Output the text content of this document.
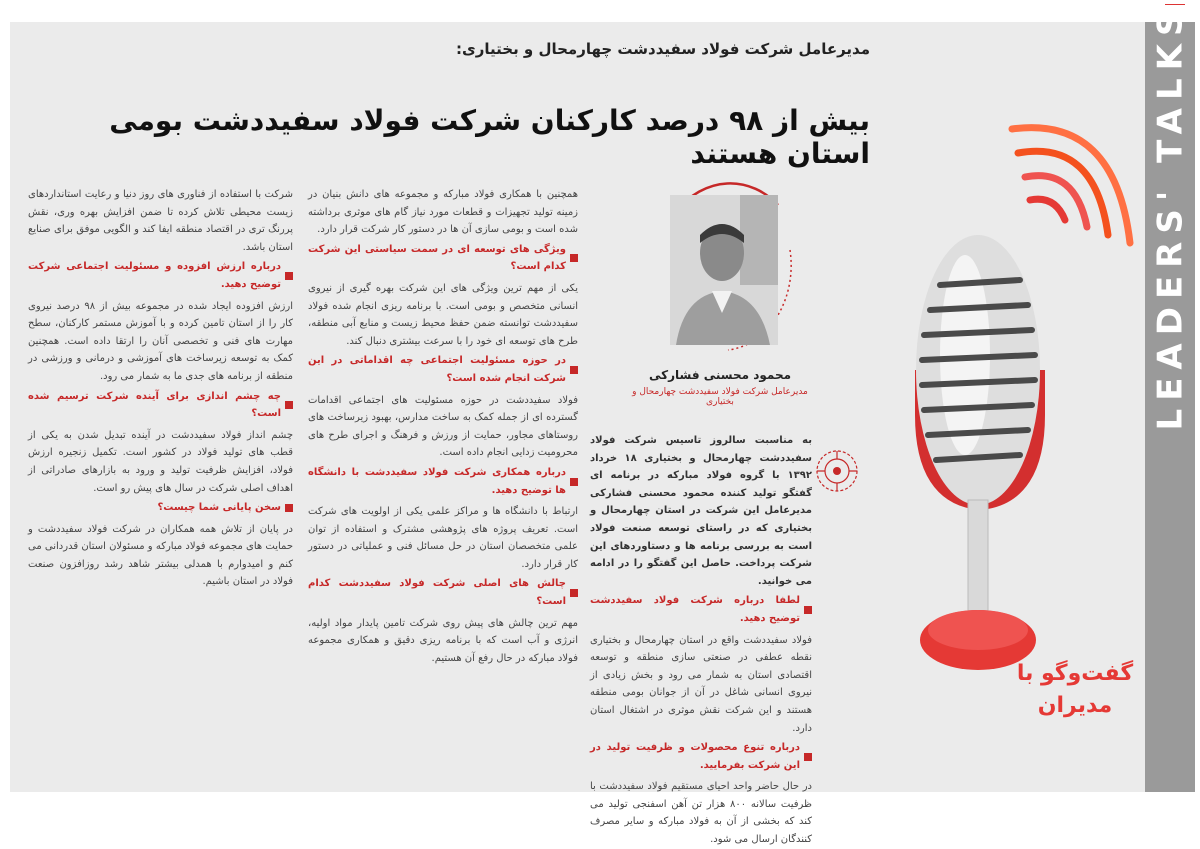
LEADERS' TALKS
مدیرعامل شرکت فولاد سفیددشت چهارمحال و بختیاری:
بیش از ۹۸ درصد کارکنان شرکت فولاد سفیددشت بومی استان هستند
محمود محسنی فشارکی
مدیرعامل شرکت فولاد سفیددشت چهارمحال و بختیاری

به مناسبت سالروز تاسیس شرکت فولاد سفیددشت چهارمحال و بختیاری ۱۸ خرداد ۱۳۹۲ با گروه فولاد مبارکه در برنامه ای گفتگو تولید کننده محمود محسنی فشارکی مدیرعامل این شرکت در استان چهارمحال و بختیاری که در راستای توسعه صنعت فولاد است به بررسی برنامه ها و دستاوردهای این شرکت پرداخت. حاصل این گفتگو را در ادامه می خوانید.

لطفا درباره شرکت فولاد سفیددشت توضیح دهید.

فولاد سفیددشت واقع در استان چهارمحال و بختیاری نقطه عطفی در صنعتی سازی منطقه و توسعه اقتصادی استان به شمار می رود و بخش زیادی از نیروی انسانی شاغل در آن از جوانان بومی منطقه هستند و این شرکت نقش موثری در اشتغال استان دارد.

درباره تنوع محصولات و ظرفیت تولید در این شرکت بفرمایید.

در حال حاضر واحد احیای مستقیم فولاد سفیددشت با ظرفیت سالانه ۸۰۰ هزار تن آهن اسفنجی تولید می کند که بخشی از آن به فولاد مبارکه و سایر مصرف کنندگان ارسال می شود.

همچنین با همکاری فولاد مبارکه و مجموعه های دانش بنیان در زمینه تولید تجهیزات و قطعات مورد نیاز گام های موثری برداشته شده است و بومی سازی آن ها در دستور کار شرکت قرار دارد.

ویژگی های توسعه ای در سمت سیاستی این شرکت کدام است؟

یکی از مهم ترین ویژگی های این شرکت بهره گیری از نیروی انسانی متخصص و بومی است. با برنامه ریزی انجام شده فولاد سفیددشت توانسته ضمن حفظ محیط زیست و منابع آبی منطقه، طرح های توسعه ای خود را با سرعت بیشتری دنبال کند.

در حوزه مسئولیت اجتماعی چه اقداماتی در این شرکت انجام شده است؟

فولاد سفیددشت در حوزه مسئولیت های اجتماعی اقدامات گسترده ای از جمله کمک به ساخت مدارس، بهبود زیرساخت های روستاهای مجاور، حمایت از ورزش و فرهنگ و اجرای طرح های محرومیت زدایی انجام داده است.

درباره همکاری شرکت فولاد سفیددشت با دانشگاه ها توضیح دهید.

ارتباط با دانشگاه ها و مراکز علمی یکی از اولویت های شرکت است. تعریف پروژه های پژوهشی مشترک و استفاده از توان علمی متخصصان استان در حل مسائل فنی و عملیاتی در دستور کار قرار دارد.

چالش های اصلی شرکت فولاد سفیددشت کدام است؟

مهم ترین چالش های پیش روی شرکت تامین پایدار مواد اولیه، انرژی و آب است که با برنامه ریزی دقیق و همکاری مجموعه فولاد مبارکه در حال رفع آن هستیم.

شرکت با استفاده از فناوری های روز دنیا و رعایت استانداردهای زیست محیطی تلاش کرده تا ضمن افزایش بهره وری، نقش پررنگ تری در اقتصاد منطقه ایفا کند و الگویی موفق برای صنایع استان باشد.

درباره ارزش افزوده و مسئولیت اجتماعی شرکت توضیح دهید.

ارزش افزوده ایجاد شده در مجموعه بیش از ۹۸ درصد نیروی کار را از استان تامین کرده و با آموزش مستمر کارکنان، سطح مهارت های فنی و تخصصی آنان را ارتقا داده است. همچنین کمک به توسعه زیرساخت های آموزشی و درمانی و ورزشی در منطقه از برنامه های جدی ما به شمار می رود.

چه چشم اندازی برای آینده شرکت ترسیم شده است؟

چشم انداز فولاد سفیددشت در آینده تبدیل شدن به یکی از قطب های تولید فولاد در کشور است. تکمیل زنجیره ارزش فولاد، افزایش ظرفیت تولید و ورود به بازارهای صادراتی از اهداف اصلی شرکت در سال های پیش رو است.

سخن پایانی شما چیست؟

در پایان از تلاش همه همکاران در شرکت فولاد سفیددشت و حمایت های مجموعه فولاد مبارکه و مسئولان استان قدردانی می کنم و امیدوارم با همدلی بیشتر شاهد رشد روزافزون صنعت فولاد در استان باشیم.

گفت‌وگو با مدیران
